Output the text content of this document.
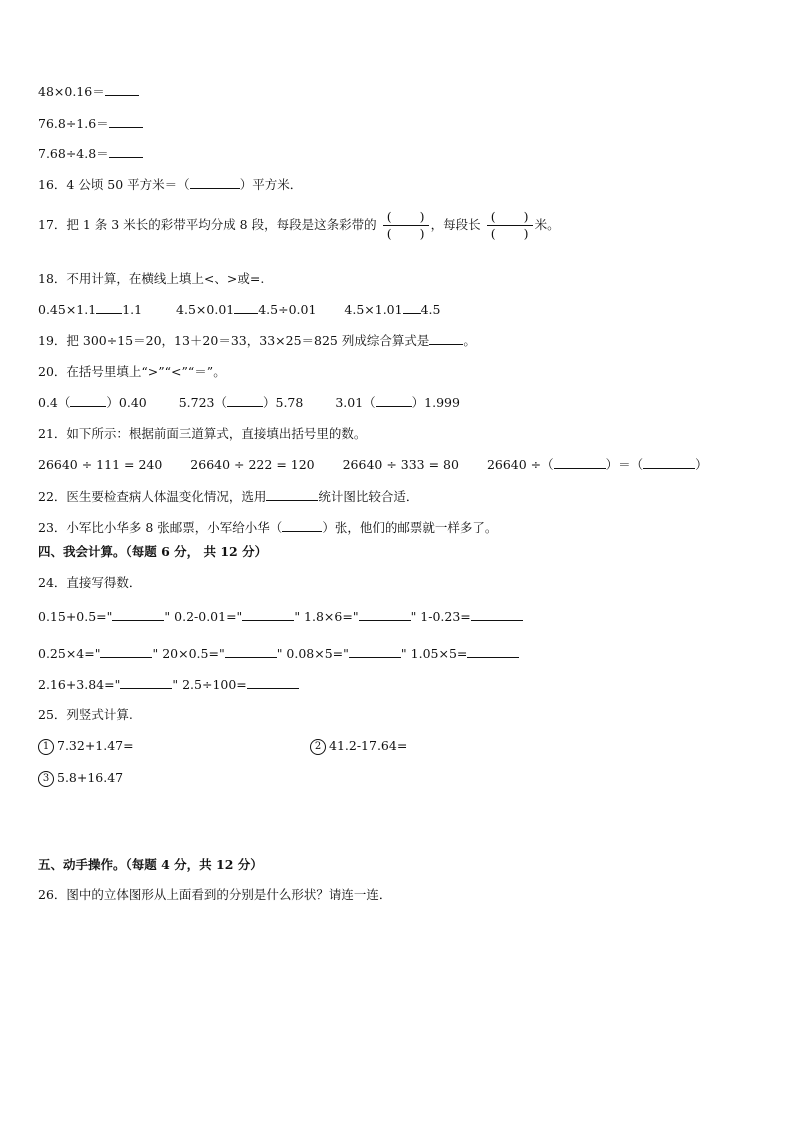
48×0.16＝
76.8÷1.6＝
7.68÷4.8＝
16．4 公顷 50 平方米＝（	）平方米．
17．把 1 条 3 米长的彩带平均分成 8 段，每段是这条彩带的 $\frac{( )}{( )}$ ，每段长 $\frac{( )}{( )}$ 米。
18．不用计算，在横线上填上<、>或=.
0.45×1.1 1.1	4.5×0.01 4.5÷0.01 4.5×1.01 4.5
19．把 300÷15＝20，13＋20＝33，33×25＝825 列成综合算式是	。
20．在括号里填上“>”“<”“＝”。
0.4（	）0.40	5.723（	）5.78	3.01（	）1.999
21．如下所示：根据前面三道算式，直接填出括号里的数。
26640 ÷ 111 = 240 26640 ÷ 222 = 120 26640 ÷ 333 = 80 26640 ÷（	）＝（	）
22．医生要检查病人体温变化情况，选用	统计图比较合适．
23．小军比小华多 8 张邮票，小军给小华（	）张，他们的邮票就一样多了。
四、我会计算。（每题 6 分， 共 12 分）
24．直接写得数．
0.15+0.5="	" 0.2-0.01="	" 1.8×6="	" 1-0.23=
0.25×4="	" 20×0.5="	" 0.08×5="	" 1.05×5=
2.16+3.84="	" 2.5÷100=
25．列竖式计算.
1 7.32+1.47=	2 41.2-17.64=
3 5.8+16.47
五、动手操作。（每题 4 分，共 12 分）
26．图中的立体图形从上面看到的分别是什么形状？请连一连．
